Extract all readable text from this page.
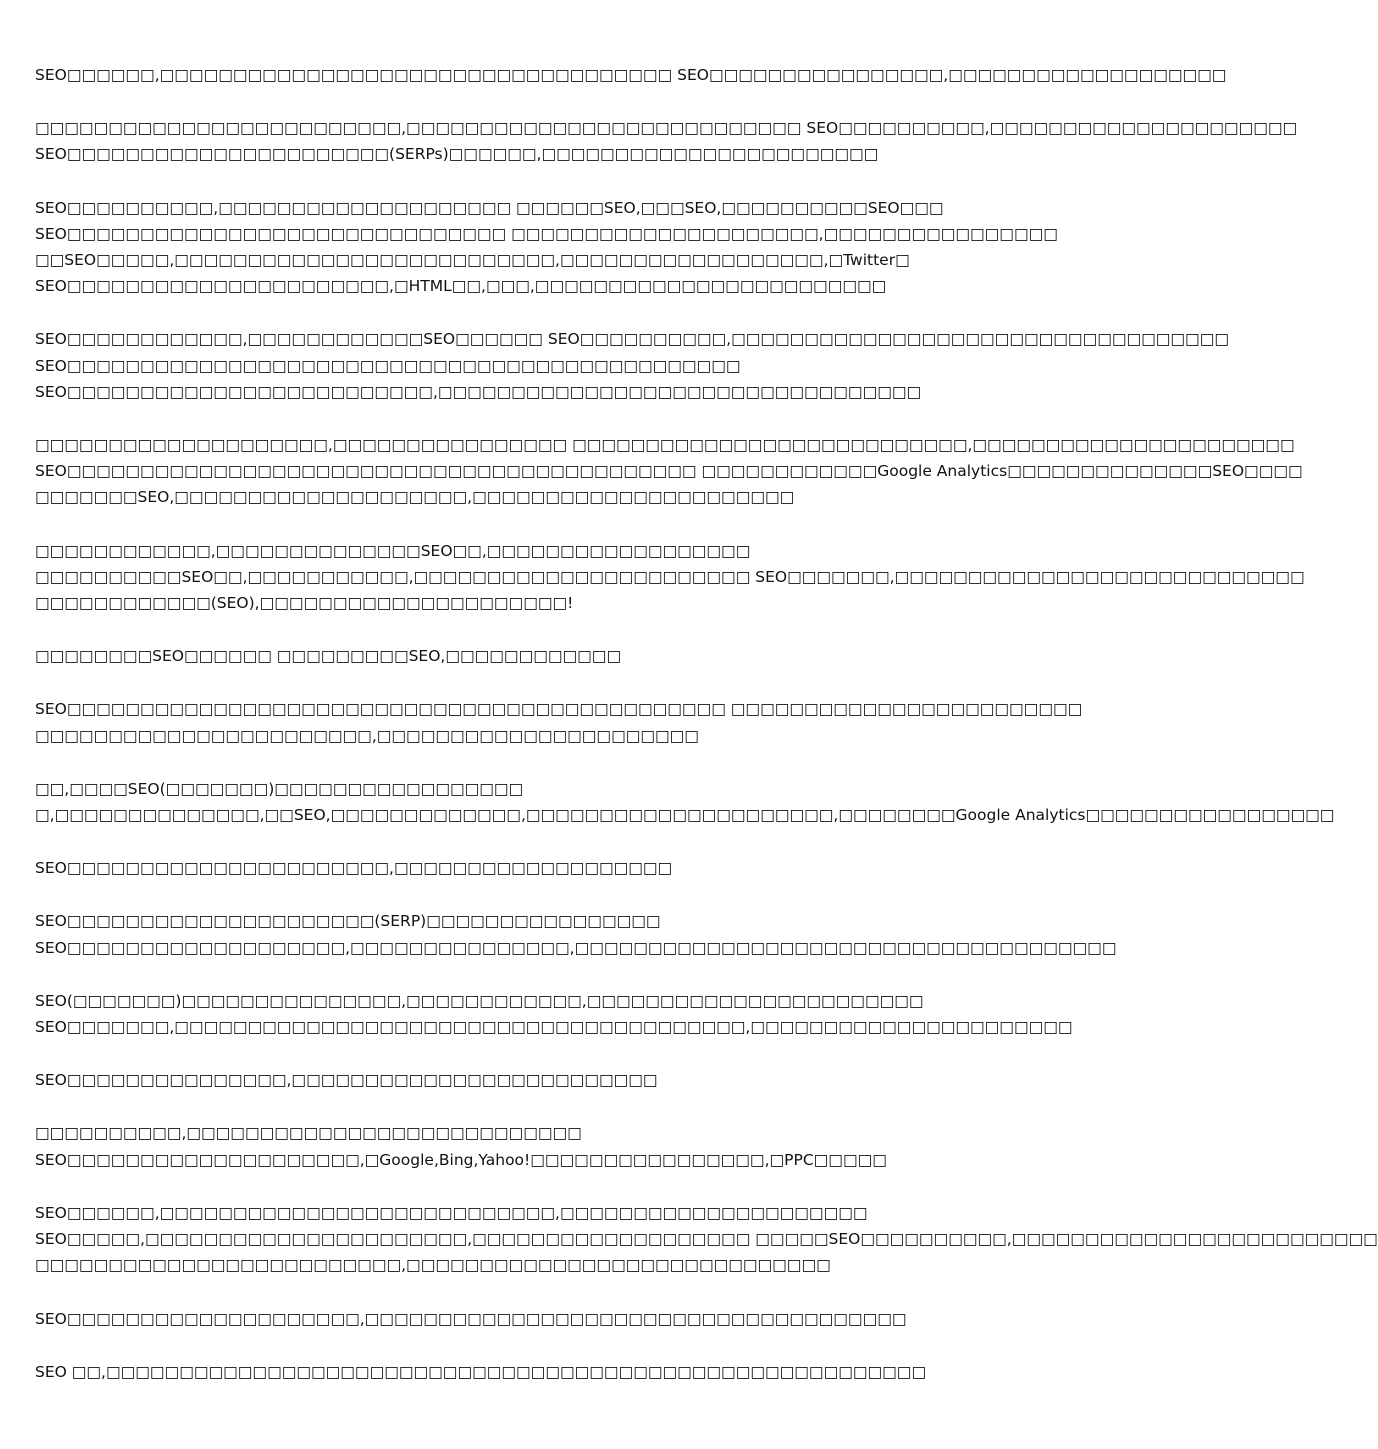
SEO□□□□□□,□□□□□□□□□□□□□□□□□□□□□□□□□□□□□□□□□□□ SEO□□□□□□□□□□□□□□□□,□□□□□□□□□□□□□□□□□□□
□□□□□□□□□□□□□□□□□□□□□□□□□,□□□□□□□□□□□□□□□□□□□□□□□□□□□ SEO□□□□□□□□□□,□□□□□□□□□□□□□□□□□□□□□
SEO□□□□□□□□□□□□□□□□□□□□□□(SERPs)□□□□□□,□□□□□□□□□□□□□□□□□□□□□□□
SEO□□□□□□□□□□,□□□□□□□□□□□□□□□□□□□□ □□□□□□SEO,□□□SEO,□□□□□□□□□□SEO□□□
SEO□□□□□□□□□□□□□□□□□□□□□□□□□□□□□□ □□□□□□□□□□□□□□□□□□□□□,□□□□□□□□□□□□□□□□
□□SEO□□□□□,□□□□□□□□□□□□□□□□□□□□□□□□□□,□□□□□□□□□□□□□□□□□□,□Twitter□
SEO□□□□□□□□□□□□□□□□□□□□□□,□HTML□□,□□□,□□□□□□□□□□□□□□□□□□□□□□□□
SEO□□□□□□□□□□□□,□□□□□□□□□□□□SEO□□□□□□ SEO□□□□□□□□□□,□□□□□□□□□□□□□□□□□□□□□□□□□□□□□□□□□□
SEO□□□□□□□□□□□□□□□□□□□□□□□□□□□□□□□□□□□□□□□□□□□□□□
SEO□□□□□□□□□□□□□□□□□□□□□□□□□,□□□□□□□□□□□□□□□□□□□□□□□□□□□□□□□□□
□□□□□□□□□□□□□□□□□□□□,□□□□□□□□□□□□□□□□ □□□□□□□□□□□□□□□□□□□□□□□□□□□,□□□□□□□□□□□□□□□□□□□□□□
SEO□□□□□□□□□□□□□□□□□□□□□□□□□□□□□□□□□□□□□□□□□□□ □□□□□□□□□□□□Google Analytics□□□□□□□□□□□□□□SEO□□□□
□□□□□□□SEO,□□□□□□□□□□□□□□□□□□□□,□□□□□□□□□□□□□□□□□□□□□□
□□□□□□□□□□□□,□□□□□□□□□□□□□□SEO□□,□□□□□□□□□□□□□□□□□□
□□□□□□□□□□SEO□□,□□□□□□□□□□□,□□□□□□□□□□□□□□□□□□□□□□□ SEO□□□□□□□,□□□□□□□□□□□□□□□□□□□□□□□□□□□□
□□□□□□□□□□□□(SEO),□□□□□□□□□□□□□□□□□□□□□!
□□□□□□□□SEO□□□□□□ □□□□□□□□□SEO,□□□□□□□□□□□□
SEO□□□□□□□□□□□□□□□□□□□□□□□□□□□□□□□□□□□□□□□□□□□□□ □□□□□□□□□□□□□□□□□□□□□□□□
□□□□□□□□□□□□□□□□□□□□□□□,□□□□□□□□□□□□□□□□□□□□□□
□□,□□□□SEO(□□□□□□□)□□□□□□□□□□□□□□□□□
□,□□□□□□□□□□□□□□,□□SEO,□□□□□□□□□□□□□,□□□□□□□□□□□□□□□□□□□□□,□□□□□□□□Google Analytics□□□□□□□□□□□□□□□□□
SEO□□□□□□□□□□□□□□□□□□□□□□,□□□□□□□□□□□□□□□□□□□
SEO□□□□□□□□□□□□□□□□□□□□□(SERP)□□□□□□□□□□□□□□□□
SEO□□□□□□□□□□□□□□□□□□□,□□□□□□□□□□□□□□□,□□□□□□□□□□□□□□□□□□□□□□□□□□□□□□□□□□□□□
SEO(□□□□□□□)□□□□□□□□□□□□□□□,□□□□□□□□□□□□,□□□□□□□□□□□□□□□□□□□□□□□
SEO□□□□□□□,□□□□□□□□□□□□□□□□□□□□□□□□□□□□□□□□□□□□□□□,□□□□□□□□□□□□□□□□□□□□□□
SEO□□□□□□□□□□□□□□□,□□□□□□□□□□□□□□□□□□□□□□□□□
□□□□□□□□□□,□□□□□□□□□□□□□□□□□□□□□□□□□□□
SEO□□□□□□□□□□□□□□□□□□□□,□Google,Bing,Yahoo!□□□□□□□□□□□□□□□□,□PPC□□□□□
SEO□□□□□□,□□□□□□□□□□□□□□□□□□□□□□□□□□□,□□□□□□□□□□□□□□□□□□□□□
SEO□□□□□,□□□□□□□□□□□□□□□□□□□□□□,□□□□□□□□□□□□□□□□□□□ □□□□□SEO□□□□□□□□□□,□□□□□□□□□□□□□□□□□□□□□□□□□
□□□□□□□□□□□□□□□□□□□□□□□□□,□□□□□□□□□□□□□□□□□□□□□□□□□□□□□
SEO□□□□□□□□□□□□□□□□□□□□,□□□□□□□□□□□□□□□□□□□□□□□□□□□□□□□□□□□□□
SEO □□,□□□□□□□□□□□□□□□□□□□□□□□□□□□□□□□□□□□□□□□□□□□□□□□□□□□□□□□□
